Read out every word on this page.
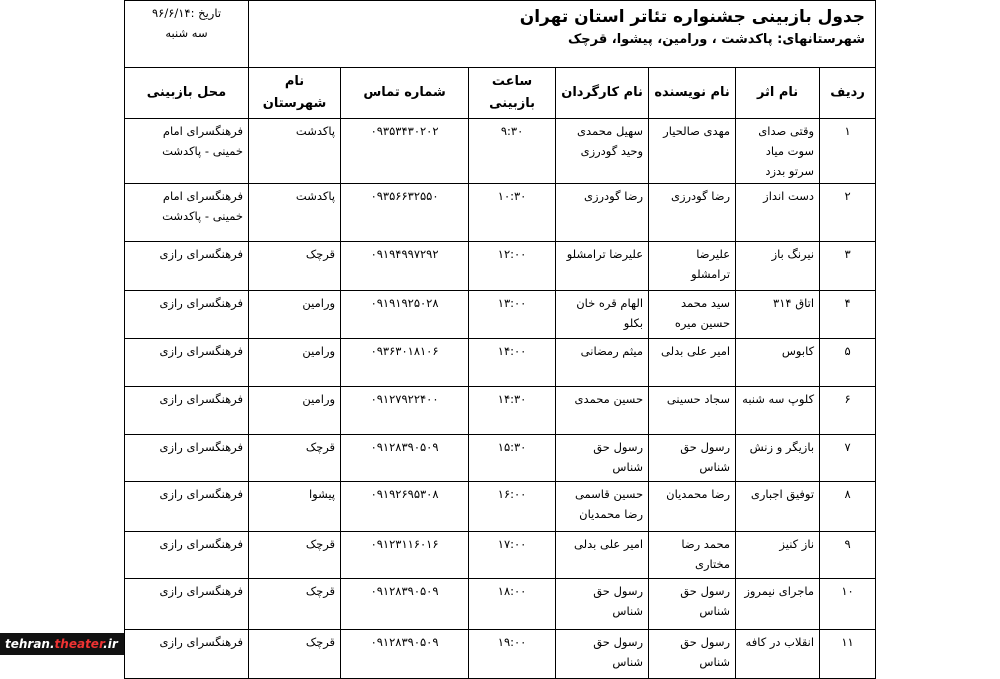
جدول بازبینی جشنواره تئاتر استان تهران
شهرستانهای: پاکدشت ، ورامین، پیشوا، قرچک							تاریخ :۹۶/۶/۱۴
سه شنبه

ردیف	نام اثر	نام نویسنده	نام کارگردان	ساعت بازبینی	شماره تماس	نام شهرستان	محل بازبینی
۱	وقتی صدای سوت میاد سرتو بدزد	مهدی صالحیار	سهیل محمدی وحید گودرزی	۹:۳۰	۰۹۳۵۳۴۳۰۲۰۲	پاکدشت	فرهنگسرای امام خمینی - پاکدشت
۲	دست انداز	رضا گودرزی	رضا گودرزی	۱۰:۳۰	۰۹۳۵۶۶۳۲۵۵۰	پاکدشت	فرهنگسرای امام خمینی - پاکدشت
۳	نیرنگ باز	علیرضا ترامشلو	علیرضا ترامشلو	۱۲:۰۰	۰۹۱۹۴۹۹۷۲۹۲	قرچک	فرهنگسرای رازی
۴	اتاق ۳۱۴	سید محمد حسین میره	الهام قره خان بکلو	۱۳:۰۰	۰۹۱۹۱۹۲۵۰۲۸	ورامین	فرهنگسرای رازی
۵	کابوس	امیر علی بدلی	میثم رمضانی	۱۴:۰۰	۰۹۳۶۳۰۱۸۱۰۶	ورامین	فرهنگسرای رازی
۶	کلوپ سه شنبه	سجاد حسینی	حسین محمدی	۱۴:۳۰	۰۹۱۲۷۹۲۲۴۰۰	ورامین	فرهنگسرای رازی
۷	بازیگر و زنش	رسول حق شناس	رسول حق شناس	۱۵:۳۰	۰۹۱۲۸۳۹۰۵۰۹	قرچک	فرهنگسرای رازی
۸	توفیق اجباری	رضا محمدیان	حسین قاسمی رضا محمدیان	۱۶:۰۰	۰۹۱۹۲۶۹۵۳۰۸	پیشوا	فرهنگسرای رازی
۹	ناز کنیز	محمد رضا مختاری	امیر علی بدلی	۱۷:۰۰	۰۹۱۲۳۱۱۶۰۱۶	قرچک	فرهنگسرای رازی
۱۰	ماجرای نیمروز	رسول حق شناس	رسول حق شناس	۱۸:۰۰	۰۹۱۲۸۳۹۰۵۰۹	قرچک	فرهنگسرای رازی
۱۱	انقلاب در کافه	رسول حق شناس	رسول حق شناس	۱۹:۰۰	۰۹۱۲۸۳۹۰۵۰۹	قرچک	فرهنگسرای رازی
tehran.theater.ir
